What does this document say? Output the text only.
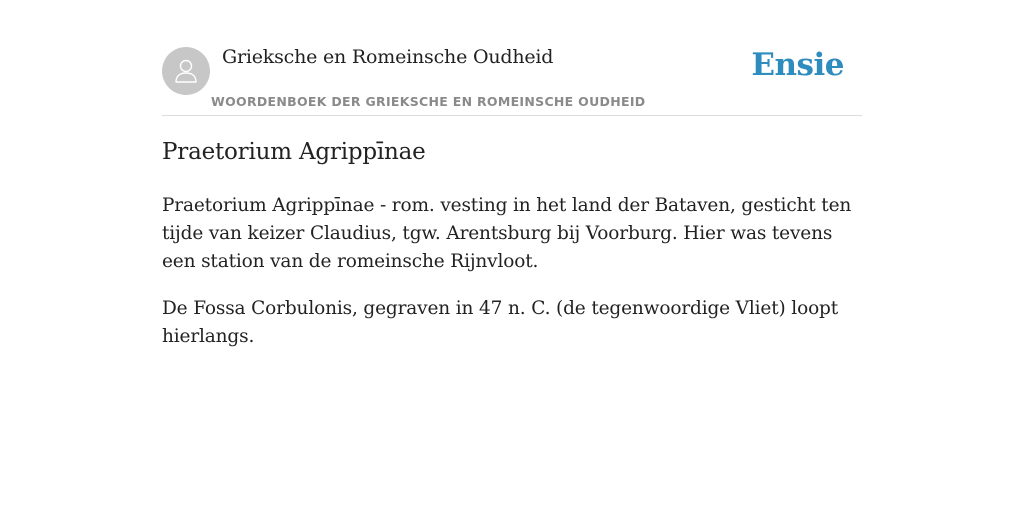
Grieksche en Romeinsche Oudheid
WOORDENBOEK DER GRIEKSCHE EN ROMEINSCHE OUDHEID
Ensie
Praetorium Agrippīnae

Praetorium Agrippīnae - rom. vesting in het land der Bataven, gesticht ten tijde van keizer Claudius, tgw. Arentsburg bij Voorburg. Hier was tevens een station van de romeinsche Rijnvloot.

De Fossa Corbulonis, gegraven in 47 n. C. (de tegenwoordige Vliet) loopt hierlangs.
